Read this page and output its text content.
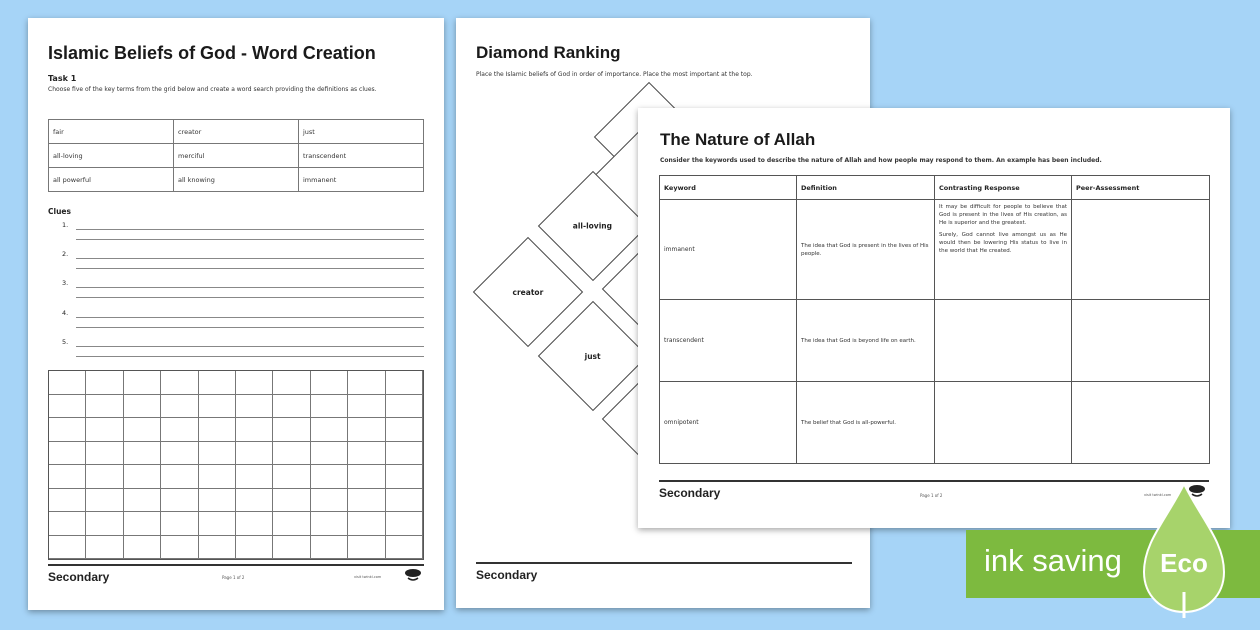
Islamic Beliefs of God - Word Creation
Task 1
Choose five of the key terms from the grid below and create a word search providing the definitions as clues.
fair	creator	just
all-loving	merciful	transcendent
all powerful	all knowing	immanent
Clues
1.
2.
3.
4.
5.
Secondary	Page 1 of 2	visit twinkl.com
Diamond Ranking
Place the Islamic beliefs of God in order of importance. Place the most important at the top.
all-loving
creator
just
Secondary
The Nature of Allah
Consider the keywords used to describe the nature of Allah and how people may respond to them. An example has been included.
Keyword	Definition	Contrasting Response	Peer-Assessment
immanent	The idea that God is present in the lives of His people.	It may be difficult for people to believe that God is present in the lives of His creation, as He is superior and the greatest.

Surely, God cannot live amongst us as He would then be lowering His status to live in the world that He created.	

transcendent	The idea that God is beyond life on earth.		
omnipotent	The belief that God is all-powerful.		
Secondary	Page 1 of 2	visit twinkl.com
ink saving Eco
